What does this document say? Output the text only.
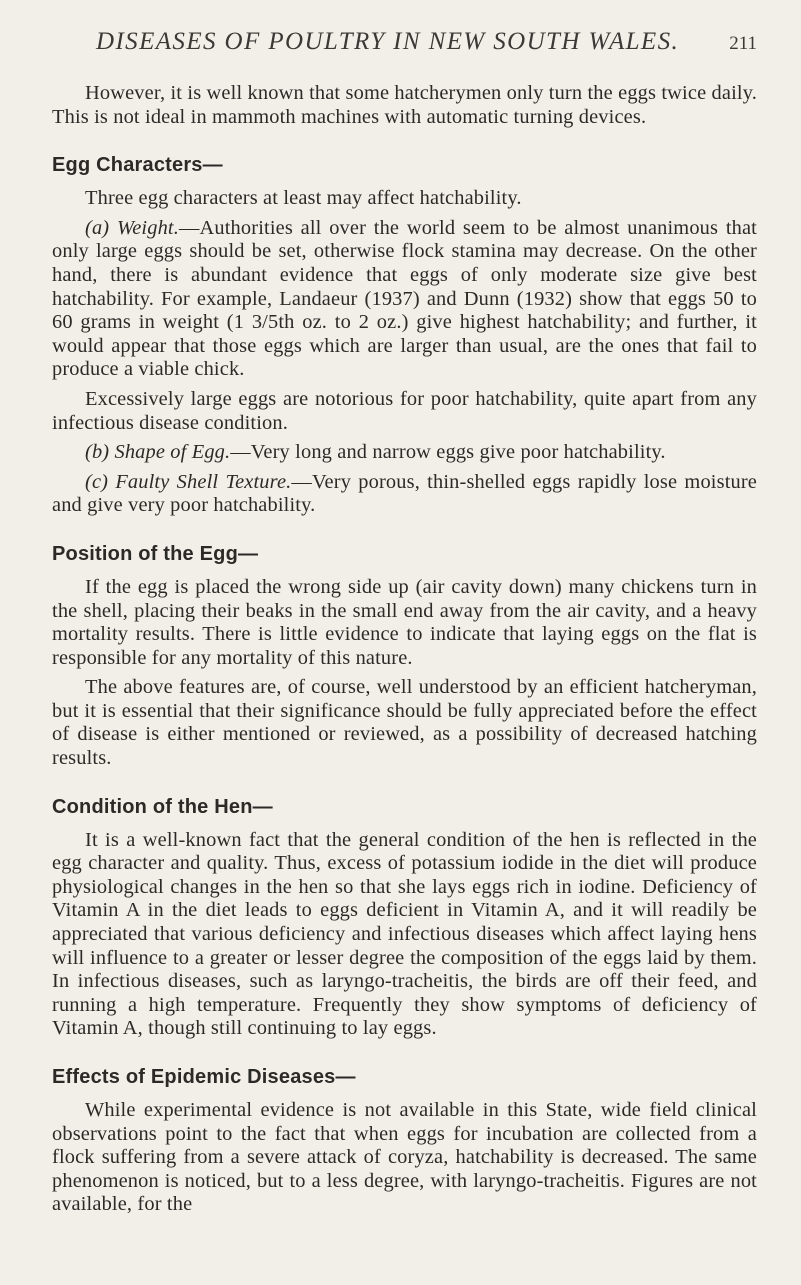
DISEASES OF POULTRY IN NEW SOUTH WALES.	211

However, it is well known that some hatcherymen only turn the eggs twice daily. This is not ideal in mammoth machines with automatic turning devices.

Egg Characters—

Three egg characters at least may affect hatchability.

(a) Weight.—Authorities all over the world seem to be almost unanimous that only large eggs should be set, otherwise flock stamina may decrease. On the other hand, there is abundant evidence that eggs of only moderate size give best hatchability. For example, Landaeur (1937) and Dunn (1932) show that eggs 50 to 60 grams in weight (1 3/5th oz. to 2 oz.) give highest hatchability; and further, it would appear that those eggs which are larger than usual, are the ones that fail to produce a viable chick.

Excessively large eggs are notorious for poor hatchability, quite apart from any infectious disease condition.

(b) Shape of Egg.—Very long and narrow eggs give poor hatchability.

(c) Faulty Shell Texture.—Very porous, thin-shelled eggs rapidly lose moisture and give very poor hatchability.

Position of the Egg—

If the egg is placed the wrong side up (air cavity down) many chickens turn in the shell, placing their beaks in the small end away from the air cavity, and a heavy mortality results. There is little evidence to indicate that laying eggs on the flat is responsible for any mortality of this nature.

The above features are, of course, well understood by an efficient hatcheryman, but it is essential that their significance should be fully appreciated before the effect of disease is either mentioned or reviewed, as a possibility of decreased hatching results.

Condition of the Hen—

It is a well-known fact that the general condition of the hen is reflected in the egg character and quality. Thus, excess of potassium iodide in the diet will produce physiological changes in the hen so that she lays eggs rich in iodine. Deficiency of Vitamin A in the diet leads to eggs deficient in Vitamin A, and it will readily be appreciated that various deficiency and infectious diseases which affect laying hens will influence to a greater or lesser degree the composition of the eggs laid by them. In infectious diseases, such as laryngo-tracheitis, the birds are off their feed, and running a high temperature. Frequently they show symptoms of deficiency of Vitamin A, though still continuing to lay eggs.

Effects of Epidemic Diseases—

While experimental evidence is not available in this State, wide field clinical observations point to the fact that when eggs for incubation are collected from a flock suffering from a severe attack of coryza, hatchability is decreased. The same phenomenon is noticed, but to a less degree, with laryngo-tracheitis. Figures are not available, for the
